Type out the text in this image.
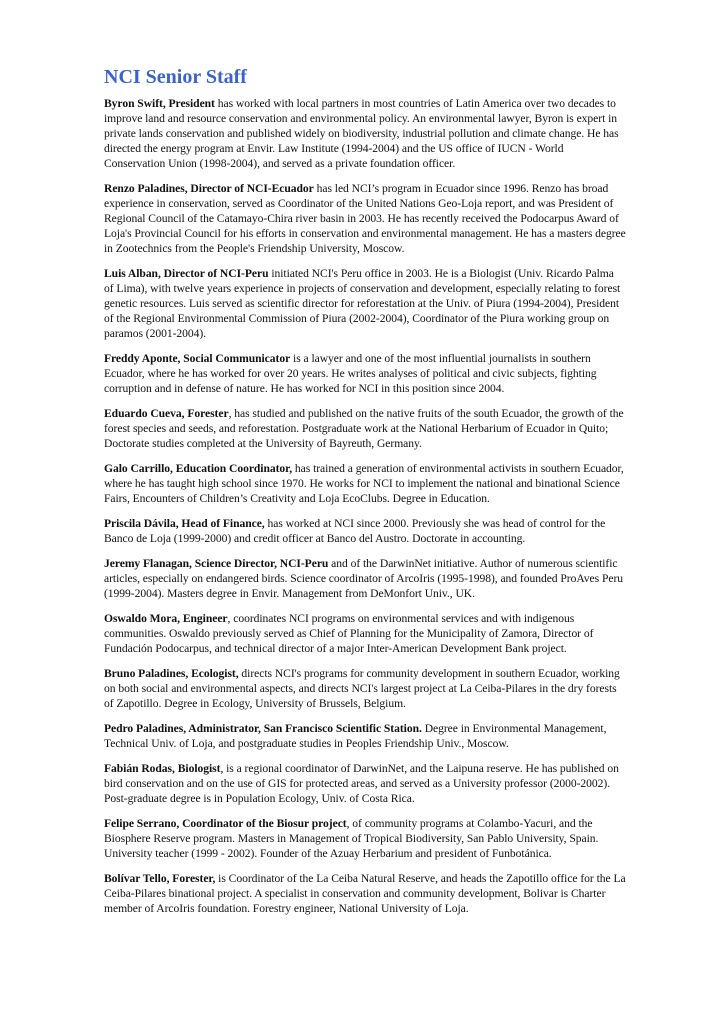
NCI Senior Staff

Byron Swift, President has worked with local partners in most countries of Latin America over two decades to improve land and resource conservation and environmental policy. An environmental lawyer, Byron is expert in private lands conservation and published widely on biodiversity, industrial pollution and climate change. He has directed the energy program at Envir. Law Institute (1994-2004) and the US office of IUCN - World Conservation Union (1998-2004), and served as a private foundation officer.

Renzo Paladines, Director of NCI-Ecuador has led NCI’s program in Ecuador since 1996. Renzo has broad experience in conservation, served as Coordinator of the United Nations Geo-Loja report, and was President of Regional Council of the Catamayo-Chira river basin in 2003. He has recently received the Podocarpus Award of Loja's Provincial Council for his efforts in conservation and environmental management. He has a masters degree in Zootechnics from the People's Friendship University, Moscow.

Luis Alban, Director of NCI-Peru initiated NCI's Peru office in 2003. He is a Biologist (Univ. Ricardo Palma of Lima), with twelve years experience in projects of conservation and development, especially relating to forest genetic resources. Luis served as scientific director for reforestation at the Univ. of Piura (1994-2004), President of the Regional Environmental Commission of Piura (2002-2004), Coordinator of the Piura working group on paramos (2001-2004).

Freddy Aponte, Social Communicator is a lawyer and one of the most influential journalists in southern Ecuador, where he has worked for over 20 years. He writes analyses of political and civic subjects, fighting corruption and in defense of nature. He has worked for NCI in this position since 2004.

Eduardo Cueva, Forester, has studied and published on the native fruits of the south Ecuador, the growth of the forest species and seeds, and reforestation. Postgraduate work at the National Herbarium of Ecuador in Quito; Doctorate studies completed at the University of Bayreuth, Germany.

Galo Carrillo, Education Coordinator, has trained a generation of environmental activists in southern Ecuador, where he has taught high school since 1970. He works for NCI to implement the national and binational Science Fairs, Encounters of Children’s Creativity and Loja EcoClubs. Degree in Education.

Priscila Dávila, Head of Finance, has worked at NCI since 2000. Previously she was head of control for the Banco de Loja (1999-2000) and credit officer at Banco del Austro. Doctorate in accounting.

Jeremy Flanagan, Science Director, NCI-Peru and of the DarwinNet initiative. Author of numerous scientific articles, especially on endangered birds. Science coordinator of ArcoIris (1995-1998), and founded ProAves Peru (1999-2004). Masters degree in Envir. Management from DeMonfort Univ., UK.

Oswaldo Mora, Engineer, coordinates NCI programs on environmental services and with indigenous communities. Oswaldo previously served as Chief of Planning for the Municipality of Zamora, Director of Fundación Podocarpus, and technical director of a major Inter-American Development Bank project.

Bruno Paladines, Ecologist, directs NCI's programs for community development in southern Ecuador, working on both social and environmental aspects, and directs NCI's largest project at La Ceiba-Pilares in the dry forests of Zapotillo. Degree in Ecology, University of Brussels, Belgium.

Pedro Paladines, Administrator, San Francisco Scientific Station. Degree in Environmental Management, Technical Univ. of Loja, and postgraduate studies in Peoples Friendship Univ., Moscow.

Fabián Rodas, Biologist, is a regional coordinator of DarwinNet, and the Laipuna reserve. He has published on bird conservation and on the use of GIS for protected areas, and served as a University professor (2000-2002). Post-graduate degree is in Population Ecology, Univ. of Costa Rica.

Felipe Serrano, Coordinator of the Biosur project, of community programs at Colambo-Yacuri, and the Biosphere Reserve program. Masters in Management of Tropical Biodiversity, San Pablo University, Spain. University teacher (1999 - 2002). Founder of the Azuay Herbarium and president of Funbotánica.

Bolívar Tello, Forester, is Coordinator of the La Ceiba Natural Reserve, and heads the Zapotillo office for the La Ceiba-Pilares binational project. A specialist in conservation and community development, Bolivar is Charter member of ArcoIris foundation. Forestry engineer, National University of Loja.
